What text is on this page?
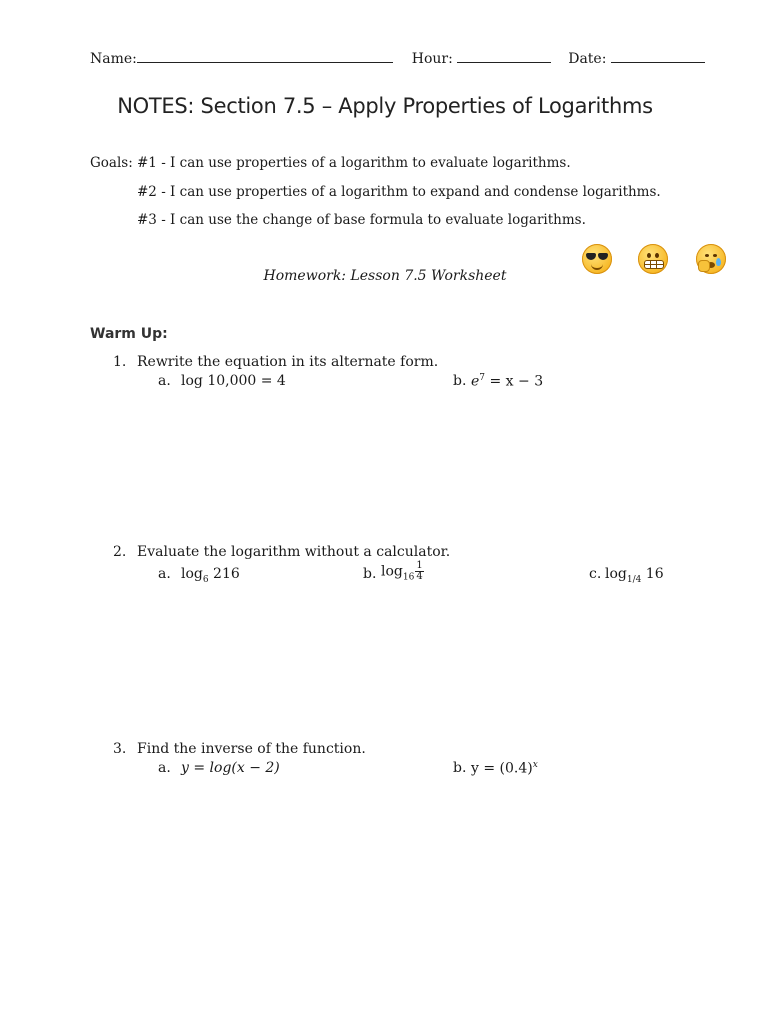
Name:	Hour:	Date:
NOTES: Section 7.5 – Apply Properties of Logarithms
Goals: #1 - I can use properties of a logarithm to evaluate logarithms.
#2 - I can use properties of a logarithm to expand and condense logarithms.
#3 - I can use the change of base formula to evaluate logarithms.
Homework: Lesson 7.5 Worksheet
Warm Up:
1. Rewrite the equation in its alternate form.
a. log 10,000 = 4	b. $e^7 = x - 3$
2. Evaluate the logarithm without a calculator.
a. $\log_6 216$	b. $\log_{16} \frac{1}{4}$	c. $\log_{1/4} 16$
3. Find the inverse of the function.
a. y = log(x − 2)	b. $y = (0.4)^x$
